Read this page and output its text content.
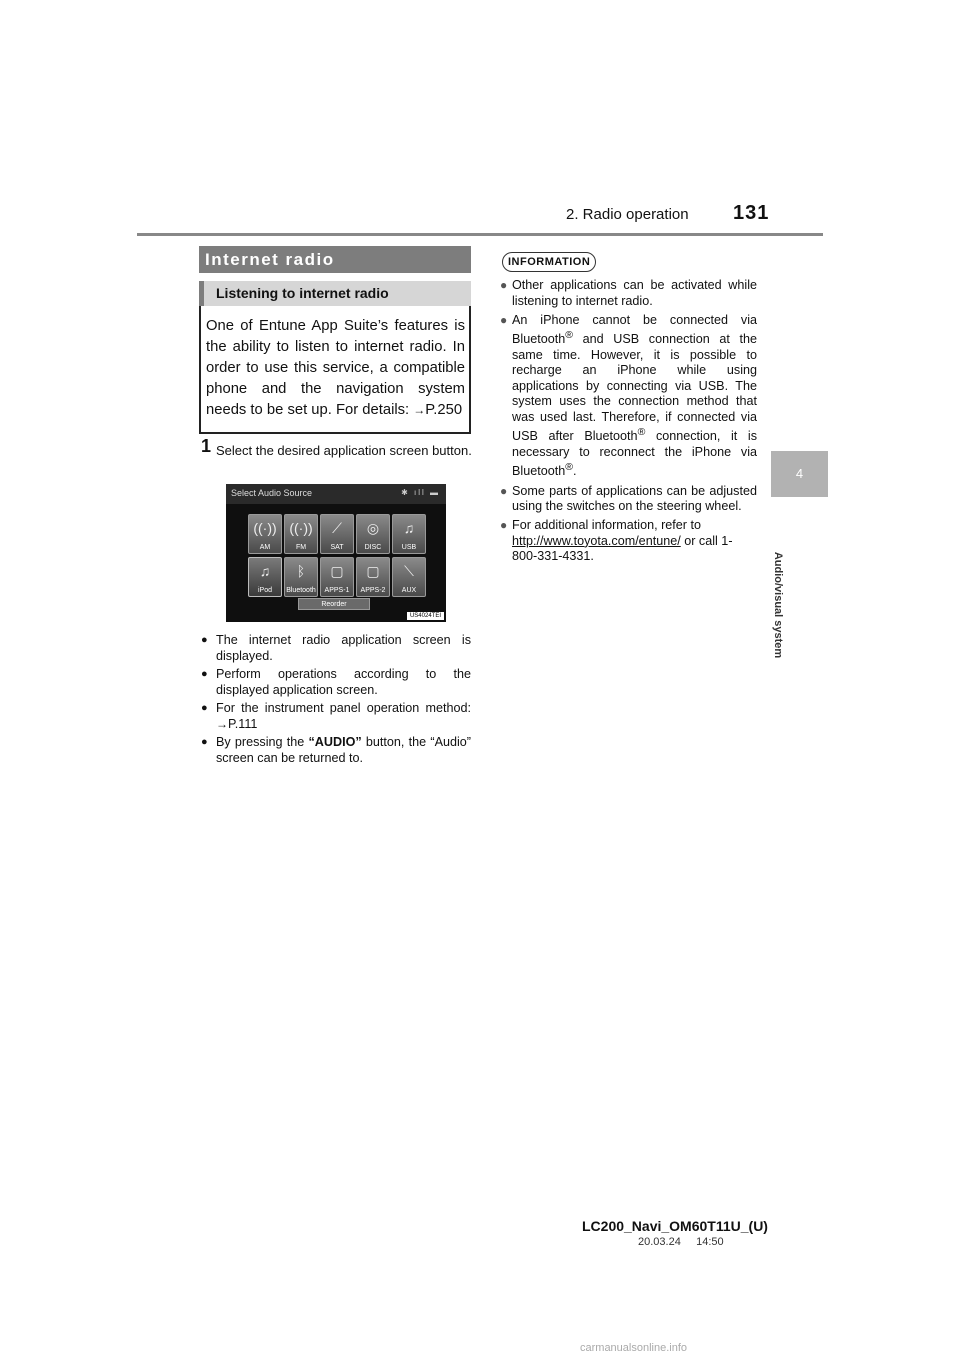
2. Radio operation 131
4
Audio/visual system
Internet radio
Listening to internet radio
One of Entune App Suite’s features is the ability to listen to internet radio. In order to use this service, a compatible phone and the navigation system needs to be set up. For details: →P.250
1 Select the desired application screen button.
Select Audio Source	✱ ıll ▬
((·))
AM
((·))
FM
⟋
SAT
◎
DISC
♫
USB
♫
iPod
ᛒ
Bluetooth
▢
APPS-1
▢
APPS-2
⟍
AUX
Reorder
US4024TEI
● The internet radio application screen is displayed.
● Perform operations according to the displayed application screen.
● For the instrument panel operation method: →P.111
● By pressing the “AUDIO” button, the “Audio” screen can be returned to.
INFORMATION
● Other applications can be activated while listening to internet radio.
● An iPhone cannot be connected via Bluetooth® and USB connection at the same time. However, it is possible to recharge an iPhone while using applications by connecting via USB. The system uses the connection method that was used last. Therefore, if connected via USB after Bluetooth® connection, it is necessary to reconnect the iPhone via Bluetooth®.
● Some parts of applications can be adjusted using the switches on the steering wheel.
● For additional information, refer to http://www.toyota.com/entune/ or call 1-800-331-4331.
LC200_Navi_OM60T11U_(U)
20.03.24     14:50
carmanualsonline.info
